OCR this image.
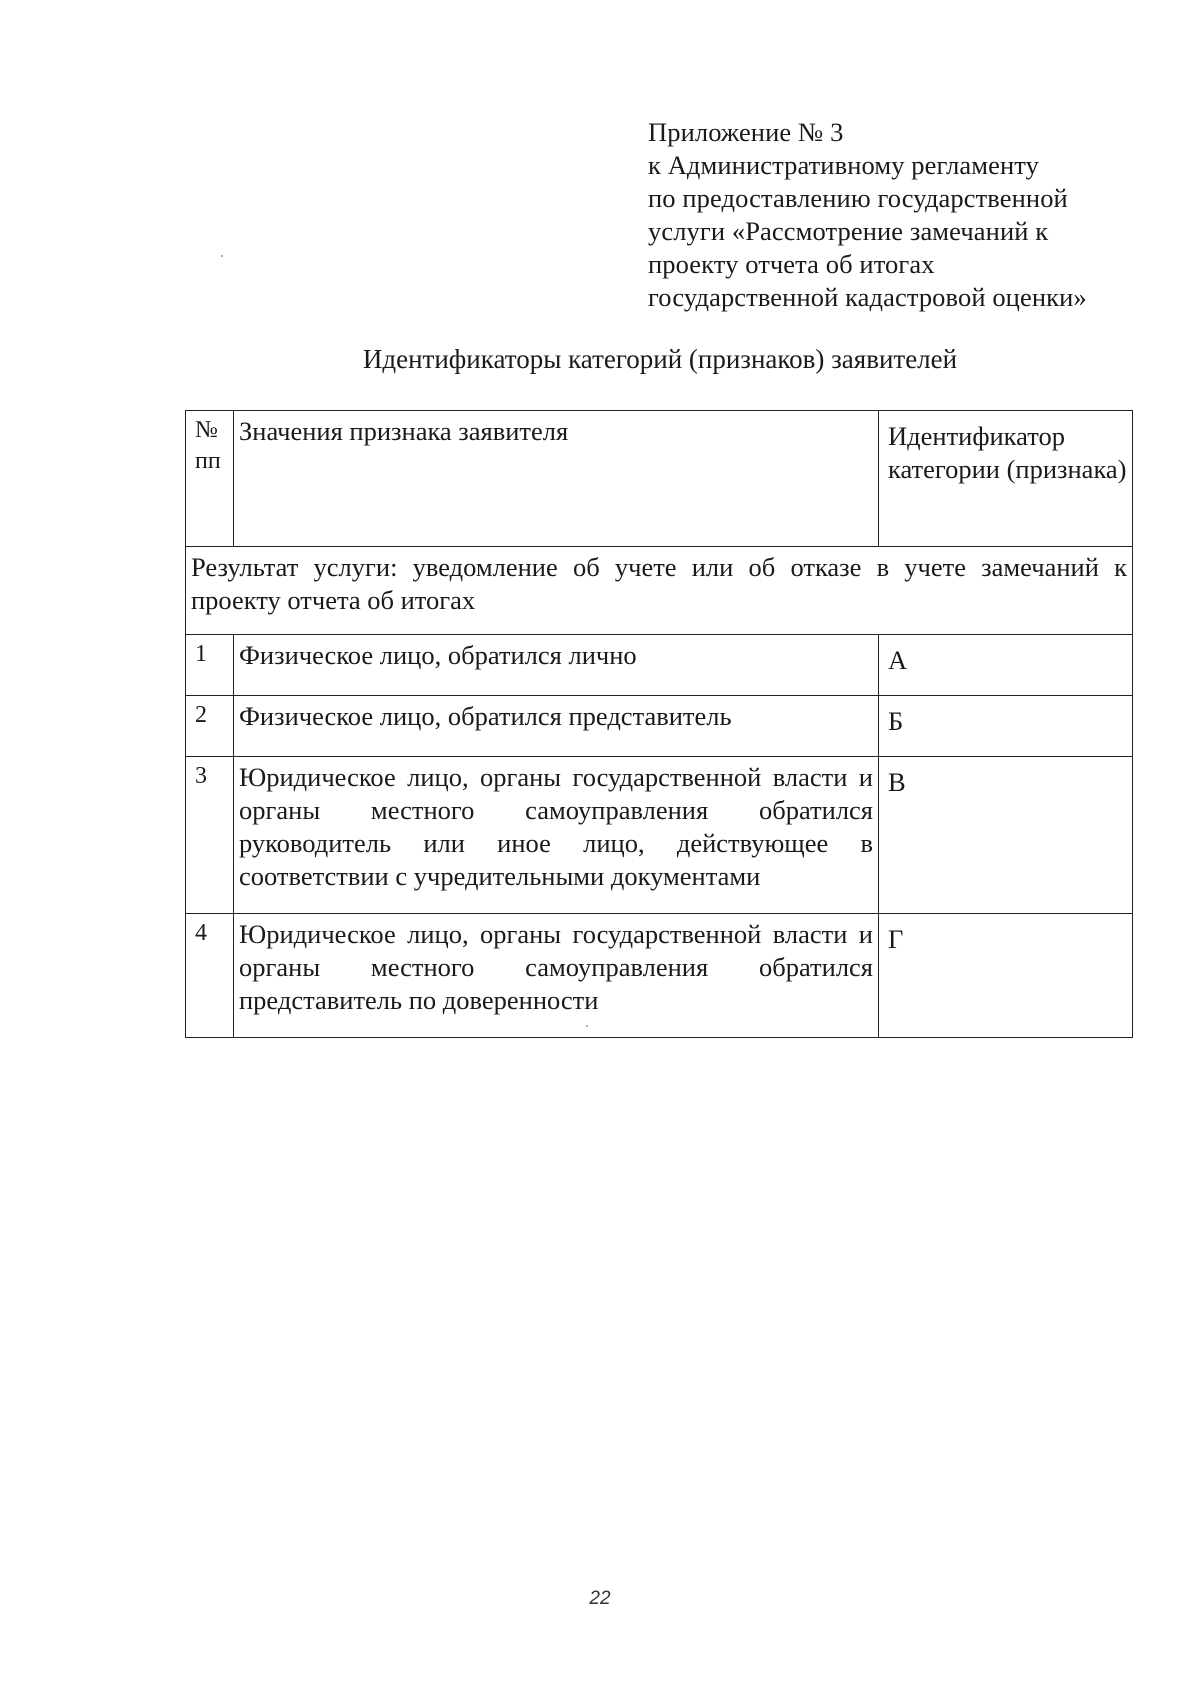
Приложение № 3
к Административному регламенту
по предоставлению государственной
услуги «Рассмотрение замечаний к
проекту отчета об итогах
государственной кадастровой оценки»
Идентификаторы категорий (признаков) заявителей
№ пп	Значения признака заявителя	Идентификатор категории (признака)
Результат услуги: уведомление об учете или об отказе в учете замечаний к проекту отчета об итогах		
1	Физическое лицо, обратился лично	А
2	Физическое лицо, обратился представитель	Б
3	Юридическое лицо, органы государственной власти и органы местного самоуправления обратился руководитель или иное лицо, действующее в соответствии с учредительными документами	В
4	Юридическое лицо, органы государственной власти и органы местного самоуправления обратился представитель по доверенности	Г
22
